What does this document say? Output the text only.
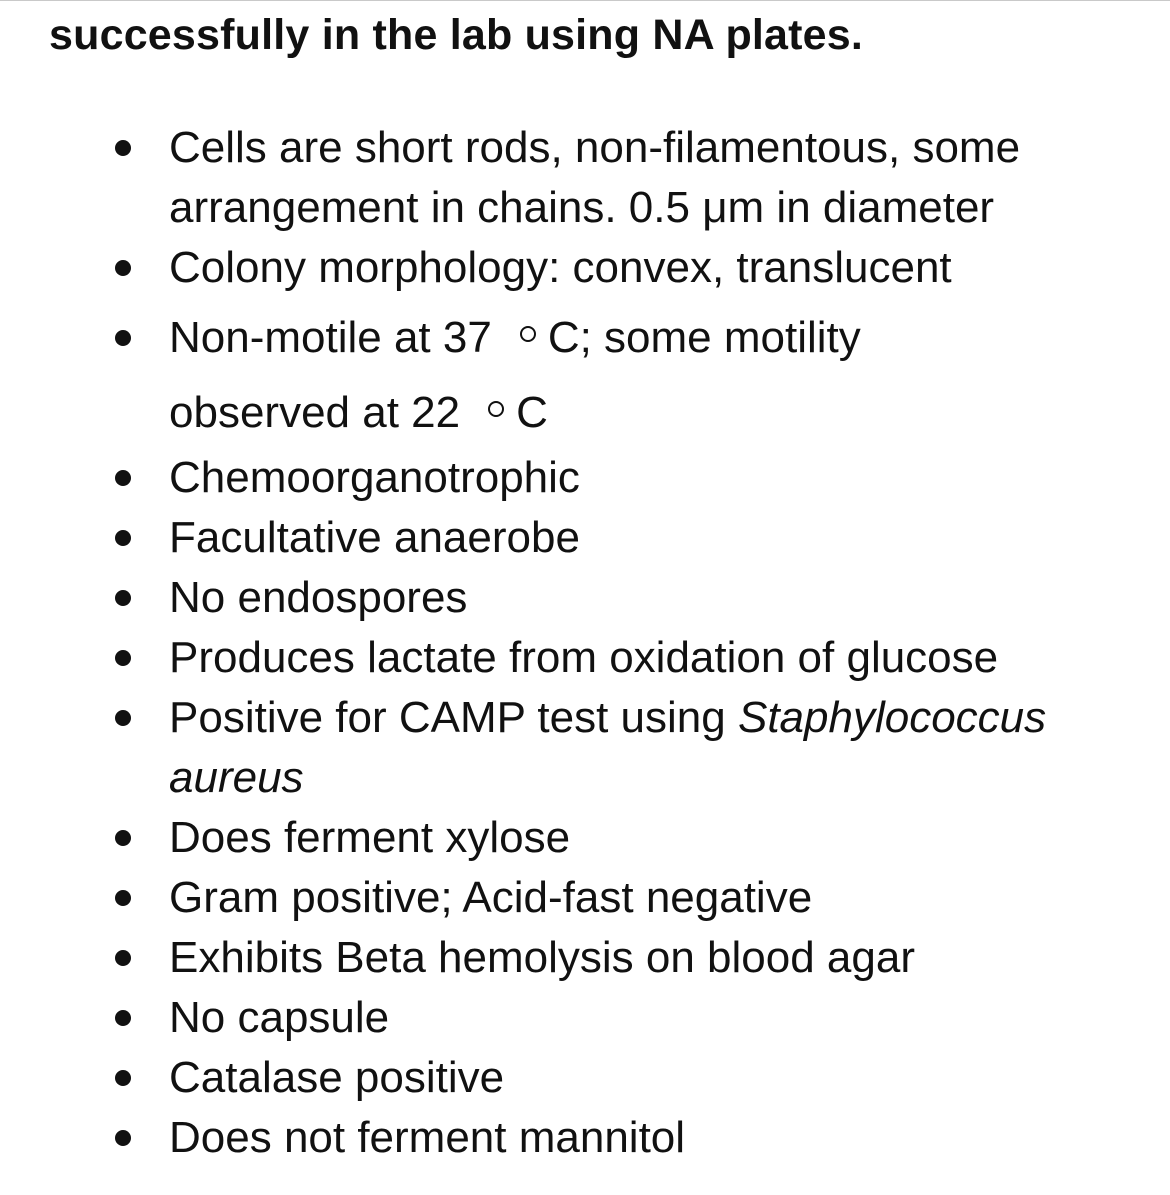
successfully in the lab using NA plates.
Cells are short rods, non-filamentous, some
arrangement in chains. 0.5 μm in diameter
Colony morphology: convex, translucent
Non-motile at 37 C; some motility
observed at 22 C
Chemoorganotrophic
Facultative anaerobe
No endospores
Produces lactate from oxidation of glucose
Positive for CAMP test using Staphylococcus
aureus
Does ferment xylose
Gram positive; Acid-fast negative
Exhibits Beta hemolysis on blood agar
No capsule
Catalase positive
Does not ferment mannitol
